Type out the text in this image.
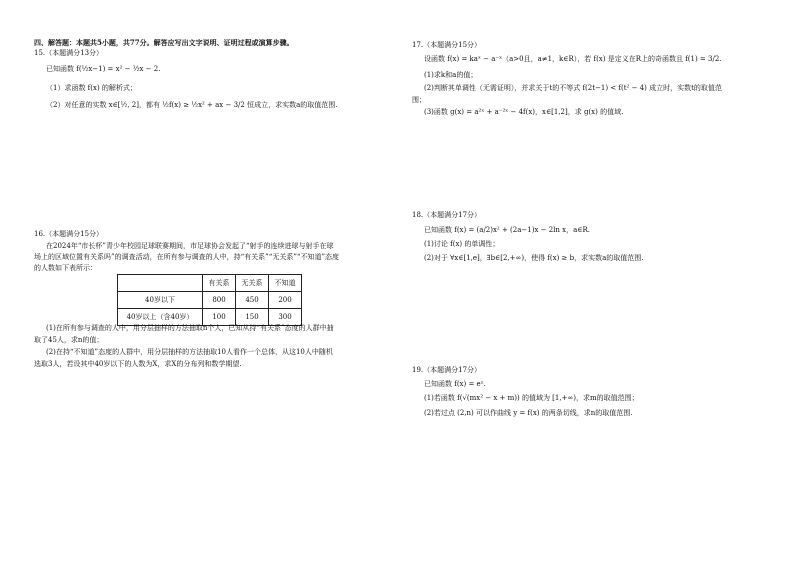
四、解答题：本题共5小题，共77分。解答应写出文字说明、证明过程或演算步骤。
15.（本题满分13分）
已知函数 f(½x−1) = x² − ½x − 2.
（1）求函数 f(x) 的解析式；
（2）对任意的实数 x∈[½, 2]，都有 ½f(x) ≥ ½x² + ax − 3/2 恒成立，求实数a的取值范围.
16.（本题满分15分）
在2024年“市长杯”青少年校园足球联赛期间，市足球协会发起了“射手的连续进球与射手在球
场上的区域位置有关系吗”的调查活动，在所有参与调查的人中，持“有关系”“无关系”“不知道”态度
的人数如下表所示：
	有关系	无关系	不知道
40岁以下	800	450	200
40岁以上（含40岁）	100	150	300
(1)在所有参与调查的人中，用分层抽样的方法抽取n个人，已知从持“有关系”态度的人群中抽
取了45人，求n的值；
(2)在持“不知道”态度的人群中，用分层抽样的方法抽取10人看作一个总体，从这10人中随机
选取3人，若设其中40岁以下的人数为X，求X的分布列和数学期望.
17.（本题满分15分）
设函数 f(x) = kaˣ − a⁻ˣ（a>0且，a≠1，k∈R），若 f(x) 是定义在R上的奇函数且 f(1) = 3/2.
(1)求k和a的值；
(2)判断其单调性（无需证明），并求关于t的不等式 f(2t−1) < f(t² − 4) 成立时，实数t的取值范
围；
(3)函数 g(x) = a²ˣ + a⁻²ˣ − 4f(x)，x∈[1,2]，求 g(x) 的值域.
18.（本题满分17分）
已知函数 f(x) = (a/2)x² + (2a−1)x − 2ln x，a∈R.
(1)讨论 f(x) 的单调性；
(2)对于 ∀x∈[1,e]，∃b∈[2,+∞)，使得 f(x) ≥ b，求实数a的取值范围.
19.（本题满分17分）
已知函数 f(x) = eˣ.
(1)若函数 f(√(mx² − x + m)) 的值域为 [1,+∞)，求m的取值范围；
(2)若过点 (2,n) 可以作曲线 y = f(x) 的两条切线，求n的取值范围.
